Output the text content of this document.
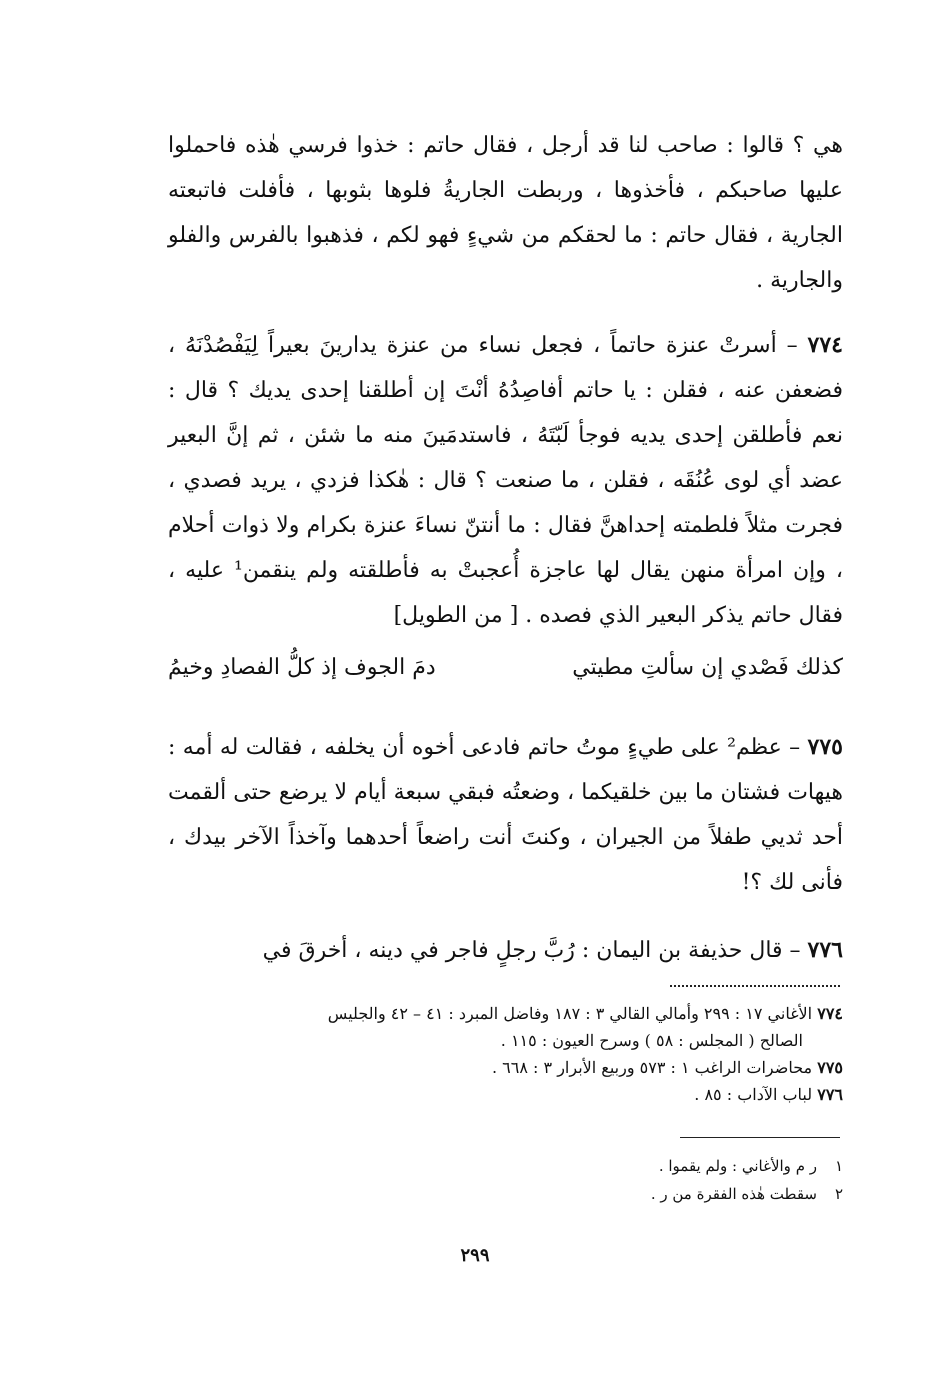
هي ؟ قالوا : صاحب لنا قد أرجل ، فقال حاتم : خذوا فرسي هٰذه فاحملوا عليها صاحبكم ، فأخذوها ، وربطت الجاريةُ فلوها بثوبها ، فأفلت فاتبعته الجارية ، فقال حاتم : ما لحقكم من شيءٍ فهو لكم ، فذهبوا بالفرس والفلو والجارية .

٧٧٤ – أسرتْ عنزة حاتماً ، فجعل نساء من عنزة يدارينَ بعيراً لِيَفْصُدْنَهُ ، فضعفن عنه ، فقلن : يا حاتم أفاصِدُهُ أنْتَ إن أطلقنا إحدى يديك ؟ قال : نعم فأطلقن إحدى يديه فوجأ لَبّتَهُ ، فاستدمَينَ منه ما شئن ، ثم إنَّ البعير عضد أي لوى عُنُقَه ، فقلن ، ما صنعت ؟ قال : هٰكذا فزدي ، يريد فصدي ، فجرت مثلاً فلطمته إحداهنَّ فقال : ما أنتنّ نساءَ عنزة بكرام ولا ذوات أحلام ، وإن امرأة منهن يقال لها عاجزة أُعجبتْ به فأطلقته ولم ينقمن¹ عليه ، فقال حاتم يذكر البعير الذي فصده . [ من الطويل]

كذلك فَصْدي إن سألتِ مطيتي
دمَ الجوف إذ كلُّ الفصادِ وخيمُ

٧٧٥ – عظم² على طيءٍ موتُ حاتم فادعى أخوه أن يخلفه ، فقالت له أمه : هيهات فشتان ما بين خلقيكما ، وضعتُه فبقي سبعة أيام لا يرضع حتى ألقمت أحد ثديي طفلاً من الجيران ، وكنتَ أنت راضعاً أحدهما وآخذاً الآخر بيدك ، فأنى لك ؟!

٧٧٦ – قال حذيفة بن اليمان : رُبَّ رجلٍ فاجر في دينه ، أخرقَ في

٧٧٤ الأغاني ١٧ : ٢٩٩ وأمالي القالي ٣ : ١٨٧ وفاضل المبرد : ٤١ – ٤٢ والجليس
الصالح ( المجلس : ٥٨ ) وسرح العيون : ١١٥ .
٧٧٥ محاضرات الراغب ١ : ٥٧٣ وربيع الأبرار ٣ : ٦٦٨ .
٧٧٦ لباب الآداب : ٨٥ .
١ر م والأغاني : ولم يقموا .
٢سقطت هٰذه الفقرة من ر .
٢٩٩
